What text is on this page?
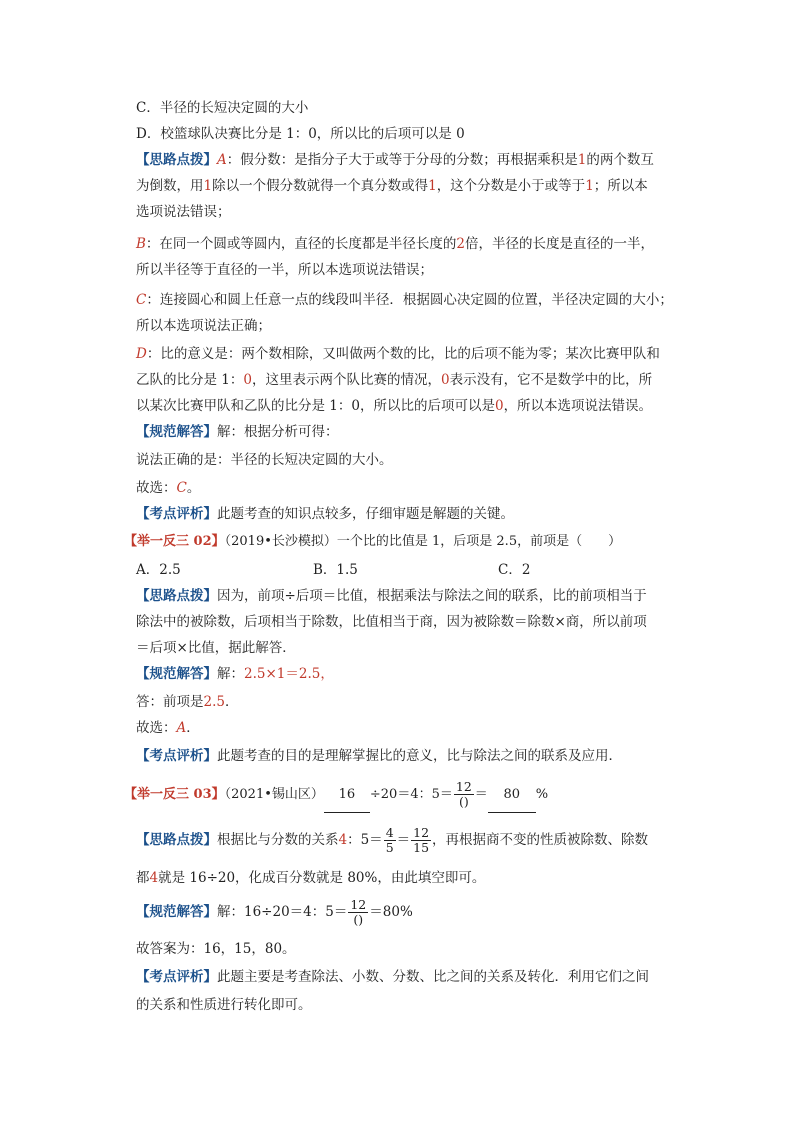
C．半径的长短决定圆的大小
D．校篮球队决赛比分是 1：0，所以比的后项可以是 0
【思路点拨】A：假分数：是指分子大于或等于分母的分数；再根据乘积是1的两个数互
为倒数，用1除以一个假分数就得一个真分数或得1，这个分数是小于或等于1；所以本
选项说法错误；
B：在同一个圆或等圆内，直径的长度都是半径长度的2倍，半径的长度是直径的一半，
所以半径等于直径的一半，所以本选项说法错误；
C：连接圆心和圆上任意一点的线段叫半径．根据圆心决定圆的位置，半径决定圆的大小；
所以本选项说法正确；
D：比的意义是：两个数相除，又叫做两个数的比，比的后项不能为零；某次比赛甲队和
乙队的比分是 1：0，这里表示两个队比赛的情况，0表示没有，它不是数学中的比，所
以某次比赛甲队和乙队的比分是 1：0，所以比的后项可以是0，所以本选项说法错误。
【规范解答】解：根据分析可得：
说法正确的是：半径的长短决定圆的大小。
故选：C。
【考点评析】此题考查的知识点较多，仔细审题是解题的关键。
【举一反三 02】（2019•长沙模拟）一个比的比值是 1，后项是 2.5，前项是（　　）
A．2.5	B．1.5	C．2
【思路点拨】因为，前项÷后项＝比值，根据乘法与除法之间的联系，比的前项相当于
除法中的被除数，后项相当于除数，比值相当于商，因为被除数＝除数×商，所以前项
＝后项×比值，据此解答．
【规范解答】解：2.5×1＝2.5，
答：前项是2.5．
故选：A．
【考点评析】此题考查的目的是理解掌握比的意义，比与除法之间的联系及应用．
【举一反三 03】（2021•锡山区） 16 ÷20＝4：$5= \frac{12}{()} = 80$ %
【思路点拨】根据比与分数的关系4：$5= \frac{4}{5} = \frac{12}{15}$ ，再根据商不变的性质被除数、除数
都4就是 16÷20，化成百分数就是 80%，由此填空即可。
【规范解答】解：16÷20＝4：$5= \frac{12}{()} =80\%$
故答案为：16，15，80。
【考点评析】此题主要是考查除法、小数、分数、比之间的关系及转化．利用它们之间
的关系和性质进行转化即可。
